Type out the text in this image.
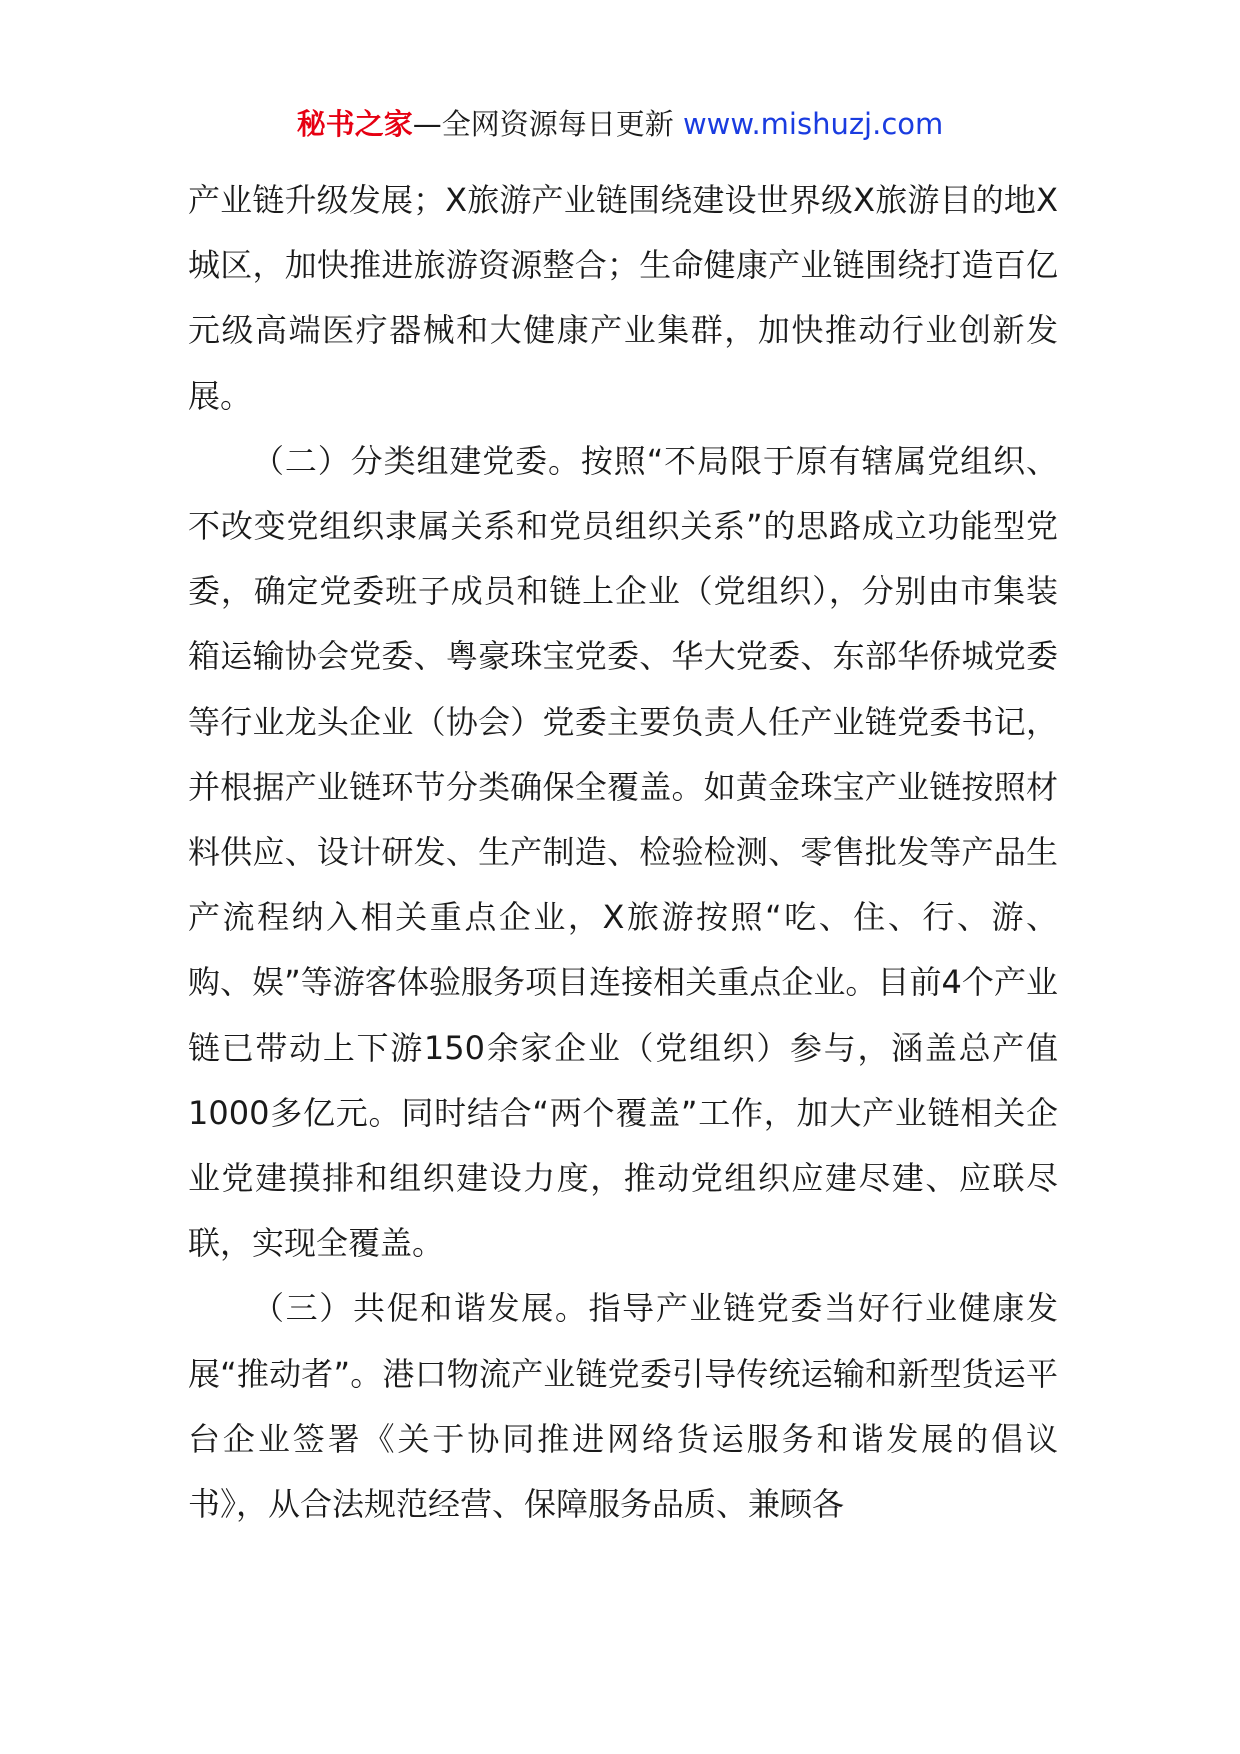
秘书之家—全网资源每日更新 www.mishuzj.com

产业链升级发展；X旅游产业链围绕建设世界级X旅游目的地X城区，加快推进旅游资源整合；生命健康产业链围绕打造百亿元级高端医疗器械和大健康产业集群，加快推动行业创新发展。

（二）分类组建党委。按照“不局限于原有辖属党组织、不改变党组织隶属关系和党员组织关系”的思路成立功能型党委，确定党委班子成员和链上企业（党组织），分别由市集装箱运输协会党委、粤豪珠宝党委、华大党委、东部华侨城党委等行业龙头企业（协会）党委主要负责人任产业链党委书记，并根据产业链环节分类确保全覆盖。如黄金珠宝产业链按照材料供应、设计研发、生产制造、检验检测、零售批发等产品生产流程纳入相关重点企业，X旅游按照“吃、住、行、游、购、娱”等游客体验服务项目连接相关重点企业。目前4个产业链已带动上下游150余家企业（党组织）参与，涵盖总产值1000多亿元。同时结合“两个覆盖”工作，加大产业链相关企业党建摸排和组织建设力度，推动党组织应建尽建、应联尽联，实现全覆盖。

（三）共促和谐发展。指导产业链党委当好行业健康发展“推动者”。港口物流产业链党委引导传统运输和新型货运平台企业签署《关于协同推进网络货运服务和谐发展的倡议书》，从合法规范经营、保障服务品质、兼顾各
